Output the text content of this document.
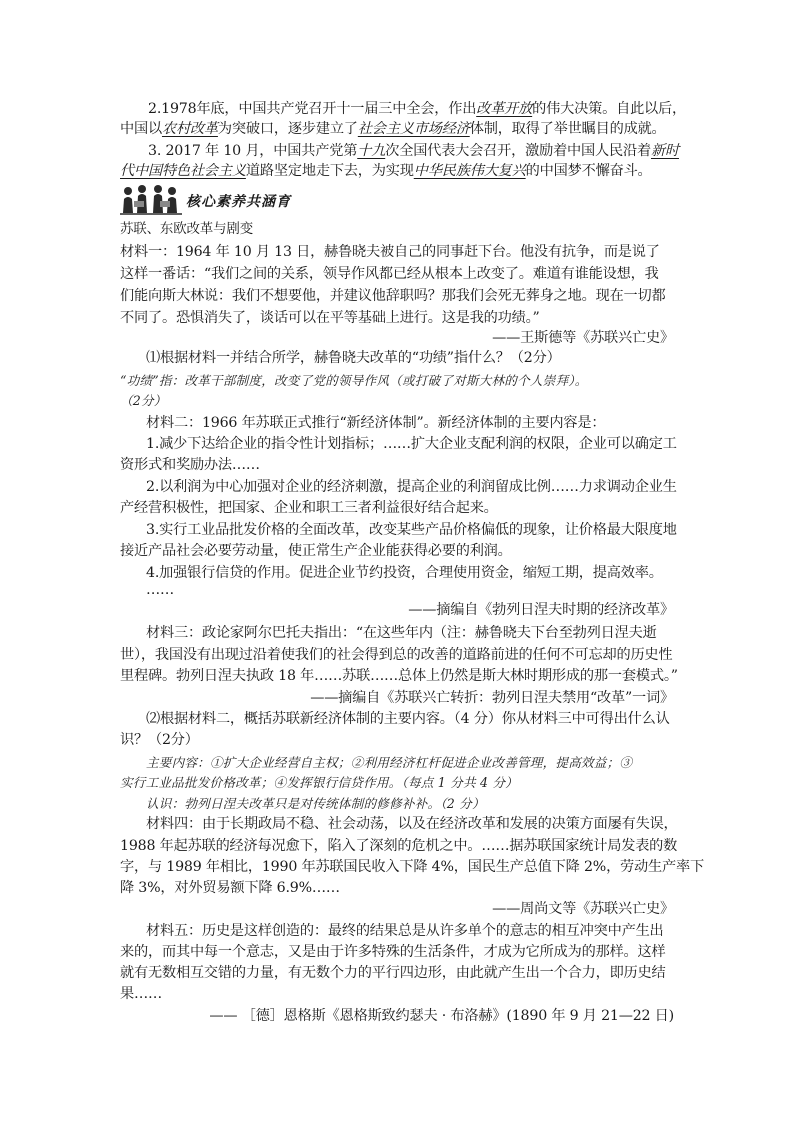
2.1978年底，中国共产党召开十一届三中全会，作出改革开放的伟大决策。自此以后，
中国以农村改革为突破口，逐步建立了社会主义市场经济体制，取得了举世瞩目的成就。
3. 2017 年 10 月，中国共产党第十九次全国代表大会召开，激励着中国人民沿着新时
代中国特色社会主义道路坚定地走下去，为实现中华民族伟大复兴的中国梦不懈奋斗。
核心素养共涵育
苏联、东欧改革与剧变
材料一：1964 年 10 月 13 日，赫鲁晓夫被自己的同事赶下台。他没有抗争，而是说了
这样一番话：“我们之间的关系，领导作风都已经从根本上改变了。难道有谁能设想，我
们能向斯大林说：我们不想要他，并建议他辞职吗？那我们会死无葬身之地。现在一切都
不同了。恐惧消失了，谈话可以在平等基础上进行。这是我的功绩。”
——王斯德等《苏联兴亡史》
⑴根据材料一并结合所学，赫鲁晓夫改革的“功绩”指什么？（2分）
“功绩”指：改革干部制度，改变了党的领导作风（或打破了对斯大林的个人崇拜）。
（2分）
材料二：1966 年苏联正式推行“新经济体制”。新经济体制的主要内容是：
1.减少下达给企业的指令性计划指标；……扩大企业支配利润的权限，企业可以确定工
资形式和奖励办法……
2.以利润为中心加强对企业的经济刺激，提高企业的利润留成比例……力求调动企业生
产经营积极性，把国家、企业和职工三者利益很好结合起来。
3.实行工业品批发价格的全面改革，改变某些产品价格偏低的现象，让价格最大限度地
接近产品社会必要劳动量，使正常生产企业能获得必要的利润。
4.加强银行信贷的作用。促进企业节约投资，合理使用资金，缩短工期，提高效率。
……
——摘编自《勃列日涅夫时期的经济改革》
材料三：政论家阿尔巴托夫指出：“在这些年内（注：赫鲁晓夫下台至勃列日涅夫逝
世），我国没有出现过沿着使我们的社会得到总的改善的道路前进的任何不可忘却的历史性
里程碑。勃列日涅夫执政 18 年……苏联……总体上仍然是斯大林时期形成的那一套模式。”
——摘编自《苏联兴亡转折：勃列日涅夫禁用“改革”一词》
⑵根据材料二，概括苏联新经济体制的主要内容。（4 分）你从材料三中可得出什么认
识？（2分）
主要内容：①扩大企业经营自主权；②利用经济杠杆促进企业改善管理，提高效益；③
实行工业品批发价格改革；④发挥银行信贷作用。（每点 1 分共 4 分）
认识：勃列日涅夫改革只是对传统体制的修修补补。（2 分）
材料四：由于长期政局不稳、社会动荡，以及在经济改革和发展的决策方面屡有失误，
1988 年起苏联的经济每况愈下，陷入了深刻的危机之中。……据苏联国家统计局发表的数
字，与 1989 年相比，1990 年苏联国民收入下降 4%，国民生产总值下降 2%，劳动生产率下
降 3%，对外贸易额下降 6.9%……
——周尚文等《苏联兴亡史》
材料五：历史是这样创造的：最终的结果总是从许多单个的意志的相互冲突中产生出
来的，而其中每一个意志，又是由于许多特殊的生活条件，才成为它所成为的那样。这样
就有无数相互交错的力量，有无数个力的平行四边形，由此就产生出一个合力，即历史结
果……
—— ［德］恩格斯《恩格斯致约瑟夫 · 布洛赫》(1890 年 9 月 21—22 日)
